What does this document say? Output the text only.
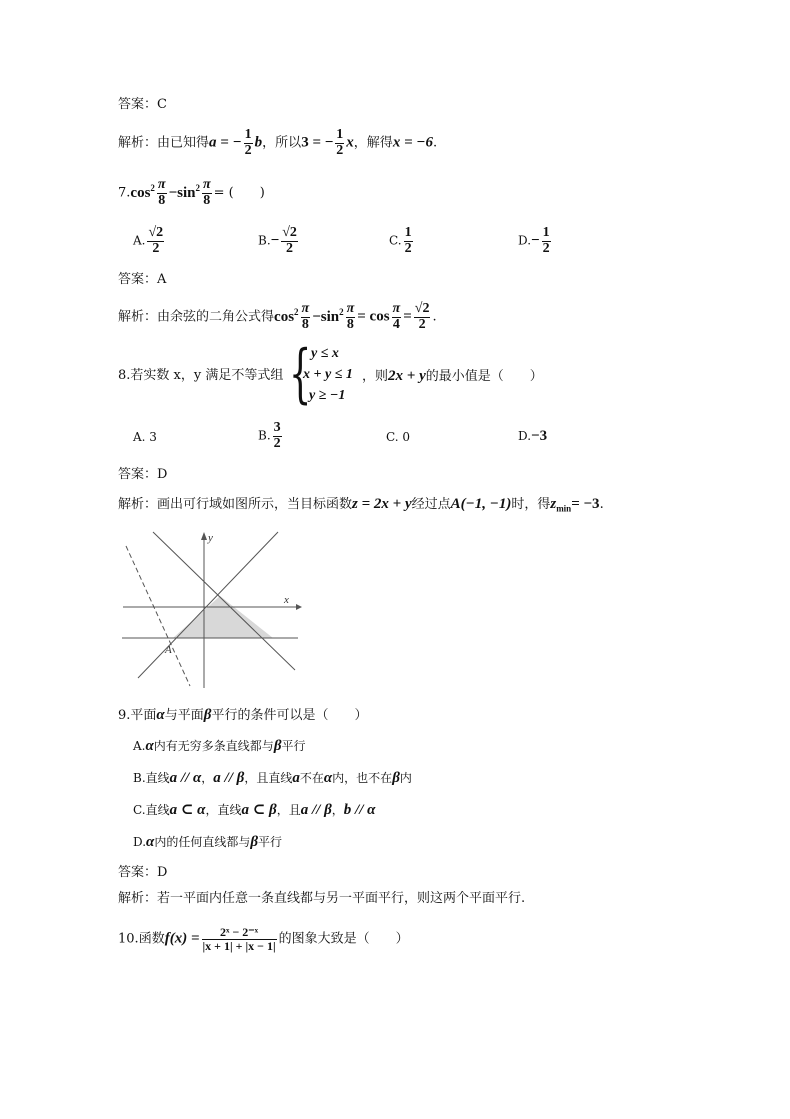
答案：C
解析：由已知得a = − $\frac{1}{2}$ b，所以3 = − $\frac{1}{2}$ x，解得x = −6.
$7.\cos^2 \frac{\pi}{8} -\sin^2 \frac{\pi}{8}$ = (　　)
A. $\frac{√2}{2}$	$B.- \frac{√2}{2}$	C. $\frac{1}{2}$	$D.- \frac{1}{2}$
答案：A
解析：由余弦的二角公式得$\cos^2 \frac{\pi}{8} -\sin^2 \frac{\pi}{8} = \cos \frac{\pi}{4} = \frac{√2}{2}$ .
8.若实数 x，y 满足不等式组 { y ≤ x
x + y ≤ 1
y ≥ −1
，则2x + y的最小值是（　　）
A. 3	B. $\frac{3}{2}$	C. 0	D.−3
答案：D
解析：画出可行域如图所示，当目标函数z = 2x + y经过点A(−1, −1)时，得$z_{min}= -3$.
x
y
A
9.平面α与平面β平行的条件可以是（　　）
A.α内有无穷多条直线都与β平行
B.直线a // α，a // β，且直线a不在α内，也不在β内
C.直线a ⊂ α，直线a ⊂ β，且a // β，b // α
D.α内的任何直线都与β平行
答案：D
解析：若一平面内任意一条直线都与另一平面平行，则这两个平面平行.
10.函数$f(x) = \frac{\text{2ˣ − 2⁻ˣ}}{|x + 1| + |x - 1|}$ 的图象大致是（　　）
